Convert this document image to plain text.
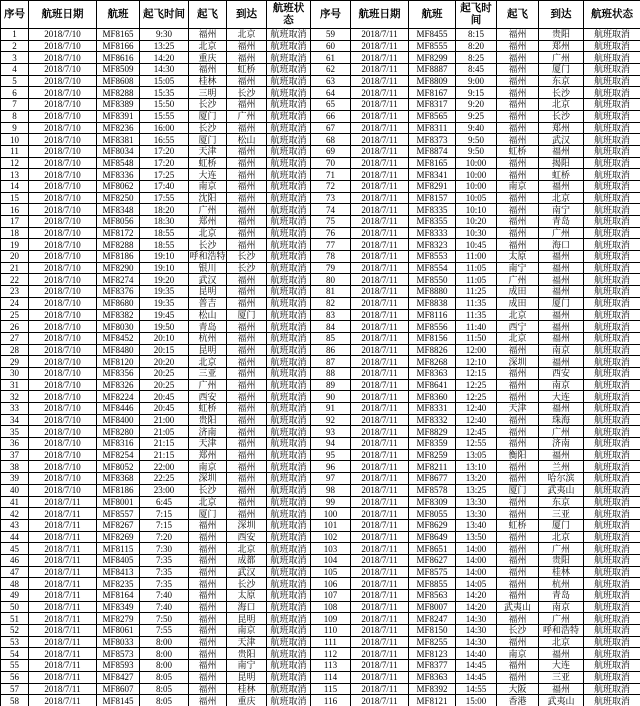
序号	航班日期	航班	起飞时间	起飞	到达	航班状态	序号	航班日期	航班	起飞时间	起飞	到达	航班状态
1	2018/7/10	MF8165	9:30	福州	北京	航班取消	59	2018/7/11	MF8455	8:15	福州	贵阳	航班取消
2	2018/7/10	MF8166	13:25	北京	福州	航班取消	60	2018/7/11	MF8555	8:20	福州	郑州	航班取消
3	2018/7/10	MF8616	14:20	重庆	福州	航班取消	61	2018/7/11	MF8299	8:25	福州	广州	航班取消
4	2018/7/10	MF8509	14:30	福州	虹桥	航班取消	62	2018/7/11	MF8887	8:45	福州	厦门	航班取消
5	2018/7/10	MF8608	15:05	桂林	福州	航班取消	63	2018/7/11	MF8809	9:00	福州	东京	航班取消
6	2018/7/10	MF8288	15:35	三明	长沙	航班取消	64	2018/7/11	MF8167	9:15	福州	长沙	航班取消
7	2018/7/10	MF8389	15:50	长沙	福州	航班取消	65	2018/7/11	MF8317	9:20	福州	北京	航班取消
8	2018/7/10	MF8391	15:55	厦门	广州	航班取消	66	2018/7/11	MF8565	9:25	福州	长沙	航班取消
9	2018/7/10	MF8236	16:00	长沙	福州	航班取消	67	2018/7/11	MF8311	9:40	福州	郑州	航班取消
10	2018/7/10	MF8381	16:55	厦门	松山	航班取消	68	2018/7/11	MF8373	9:50	福州	武汉	航班取消
11	2018/7/10	MF8034	17:20	天津	福州	航班取消	69	2018/7/11	MF8874	9:50	虹桥	福州	航班取消
12	2018/7/10	MF8548	17:20	虹桥	福州	航班取消	70	2018/7/11	MF8165	10:00	福州	揭阳	航班取消
13	2018/7/10	MF8336	17:25	大连	福州	航班取消	71	2018/7/11	MF8341	10:00	福州	虹桥	航班取消
14	2018/7/10	MF8062	17:40	南京	福州	航班取消	72	2018/7/11	MF8291	10:00	南京	福州	航班取消
15	2018/7/10	MF8250	17:55	沈阳	福州	航班取消	73	2018/7/11	MF8157	10:05	福州	北京	航班取消
16	2018/7/10	MF8348	18:20	广州	福州	航班取消	74	2018/7/11	MF8335	10:10	福州	南宁	航班取消
17	2018/7/10	MF8056	18:30	郑州	福州	航班取消	75	2018/7/11	MF8355	10:20	福州	青岛	航班取消
18	2018/7/10	MF8172	18:55	北京	福州	航班取消	76	2018/7/11	MF8333	10:30	福州	广州	航班取消
19	2018/7/10	MF8288	18:55	长沙	福州	航班取消	77	2018/7/11	MF8323	10:45	福州	海口	航班取消
20	2018/7/10	MF8186	19:10	呼和浩特	长沙	航班取消	78	2018/7/11	MF8553	11:00	太原	福州	航班取消
21	2018/7/10	MF8290	19:10	银川	长沙	航班取消	79	2018/7/11	MF8554	11:05	南宁	福州	航班取消
22	2018/7/10	MF8274	19:20	武汉	福州	航班取消	80	2018/7/11	MF8550	11:05	广州	福州	航班取消
23	2018/7/10	MF8376	19:35	昆明	福州	航班取消	81	2018/7/11	MF8880	11:25	成田	福州	航班取消
24	2018/7/10	MF8680	19:35	普吉	福州	航班取消	82	2018/7/11	MF8838	11:35	成田	厦门	航班取消
25	2018/7/10	MF8382	19:45	松山	厦门	航班取消	83	2018/7/11	MF8116	11:35	北京	福州	航班取消
26	2018/7/10	MF8030	19:50	青岛	福州	航班取消	84	2018/7/11	MF8556	11:40	西宁	福州	航班取消
27	2018/7/10	MF8452	20:10	杭州	福州	航班取消	85	2018/7/11	MF8156	11:50	北京	福州	航班取消
28	2018/7/10	MF8480	20:15	昆明	福州	航班取消	86	2018/7/11	MF8826	12:00	福州	南京	航班取消
29	2018/7/10	MF8120	20:20	北京	福州	航班取消	87	2018/7/11	MF8268	12:10	深圳	福州	航班取消
30	2018/7/10	MF8356	20:25	三亚	福州	航班取消	88	2018/7/11	MF8363	12:15	福州	西安	航班取消
31	2018/7/10	MF8326	20:25	广州	福州	航班取消	89	2018/7/11	MF8641	12:25	福州	南京	航班取消
32	2018/7/10	MF8224	20:45	西安	福州	航班取消	90	2018/7/11	MF8360	12:25	福州	大连	航班取消
33	2018/7/10	MF8446	20:45	虹桥	福州	航班取消	91	2018/7/11	MF8331	12:40	天津	福州	航班取消
34	2018/7/10	MF8400	21:00	贵阳	福州	航班取消	92	2018/7/11	MF8332	12:40	福州	珠海	航班取消
35	2018/7/10	MF8280	21:05	济南	福州	航班取消	93	2018/7/11	MF8829	12:45	福州	广州	航班取消
36	2018/7/10	MF8316	21:15	天津	福州	航班取消	94	2018/7/11	MF8359	12:55	福州	济南	航班取消
37	2018/7/10	MF8254	21:15	郑州	福州	航班取消	95	2018/7/11	MF8259	13:05	衡阳	福州	航班取消
38	2018/7/10	MF8052	22:00	南京	福州	航班取消	96	2018/7/11	MF8211	13:10	福州	兰州	航班取消
39	2018/7/10	MF8368	22:25	深圳	福州	航班取消	97	2018/7/11	MF8677	13:20	福州	哈尔滨	航班取消
40	2018/7/10	MF8186	23:00	长沙	福州	航班取消	98	2018/7/11	MF8578	13:25	厦门	武夷山	航班取消
41	2018/7/11	MF8001	6:45	北京	福州	航班取消	99	2018/7/11	MF8309	13:30	福州	东京	航班取消
42	2018/7/11	MF8557	7:15	厦门	福州	航班取消	100	2018/7/11	MF8055	13:30	福州	三亚	航班取消
43	2018/7/11	MF8267	7:15	福州	深圳	航班取消	101	2018/7/11	MF8629	13:40	虹桥	厦门	航班取消
44	2018/7/11	MF8269	7:20	福州	西安	航班取消	102	2018/7/11	MF8649	13:50	福州	北京	航班取消
45	2018/7/11	MF8115	7:30	福州	北京	航班取消	103	2018/7/11	MF8651	14:00	福州	广州	航班取消
46	2018/7/11	MF8405	7:35	福州	成都	航班取消	104	2018/7/11	MF8627	14:00	福州	贵阳	航班取消
47	2018/7/11	MF8413	7:35	福州	武汉	航班取消	105	2018/7/11	MF8575	14:00	福州	桂林	航班取消
48	2018/7/11	MF8235	7:35	福州	长沙	航班取消	106	2018/7/11	MF8855	14:05	福州	杭州	航班取消
49	2018/7/11	MF8164	7:40	福州	太原	航班取消	107	2018/7/11	MF8563	14:20	福州	青岛	航班取消
50	2018/7/11	MF8349	7:40	福州	海口	航班取消	108	2018/7/11	MF8007	14:20	武夷山	南京	航班取消
51	2018/7/11	MF8279	7:50	福州	昆明	航班取消	109	2018/7/11	MF8247	14:30	福州	广州	航班取消
52	2018/7/11	MF8061	7:55	福州	南京	航班取消	110	2018/7/11	MF8150	14:30	长沙	呼和浩特	航班取消
53	2018/7/11	MF8033	8:00	福州	天津	航班取消	111	2018/7/11	MF8255	14:30	福州	北京	航班取消
54	2018/7/11	MF8573	8:00	福州	贵阳	航班取消	112	2018/7/11	MF8123	14:40	南京	福州	航班取消
55	2018/7/11	MF8593	8:00	福州	南宁	航班取消	113	2018/7/11	MF8377	14:45	福州	大连	航班取消
56	2018/7/11	MF8427	8:05	福州	昆明	航班取消	114	2018/7/11	MF8363	14:45	福州	三亚	航班取消
57	2018/7/11	MF8607	8:05	福州	桂林	航班取消	115	2018/7/11	MF8392	14:55	大阪	福州	航班取消
58	2018/7/11	MF8145	8:05	福州	重庆	航班取消	116	2018/7/11	MF8121	15:00	香港	武夷山	航班取消
